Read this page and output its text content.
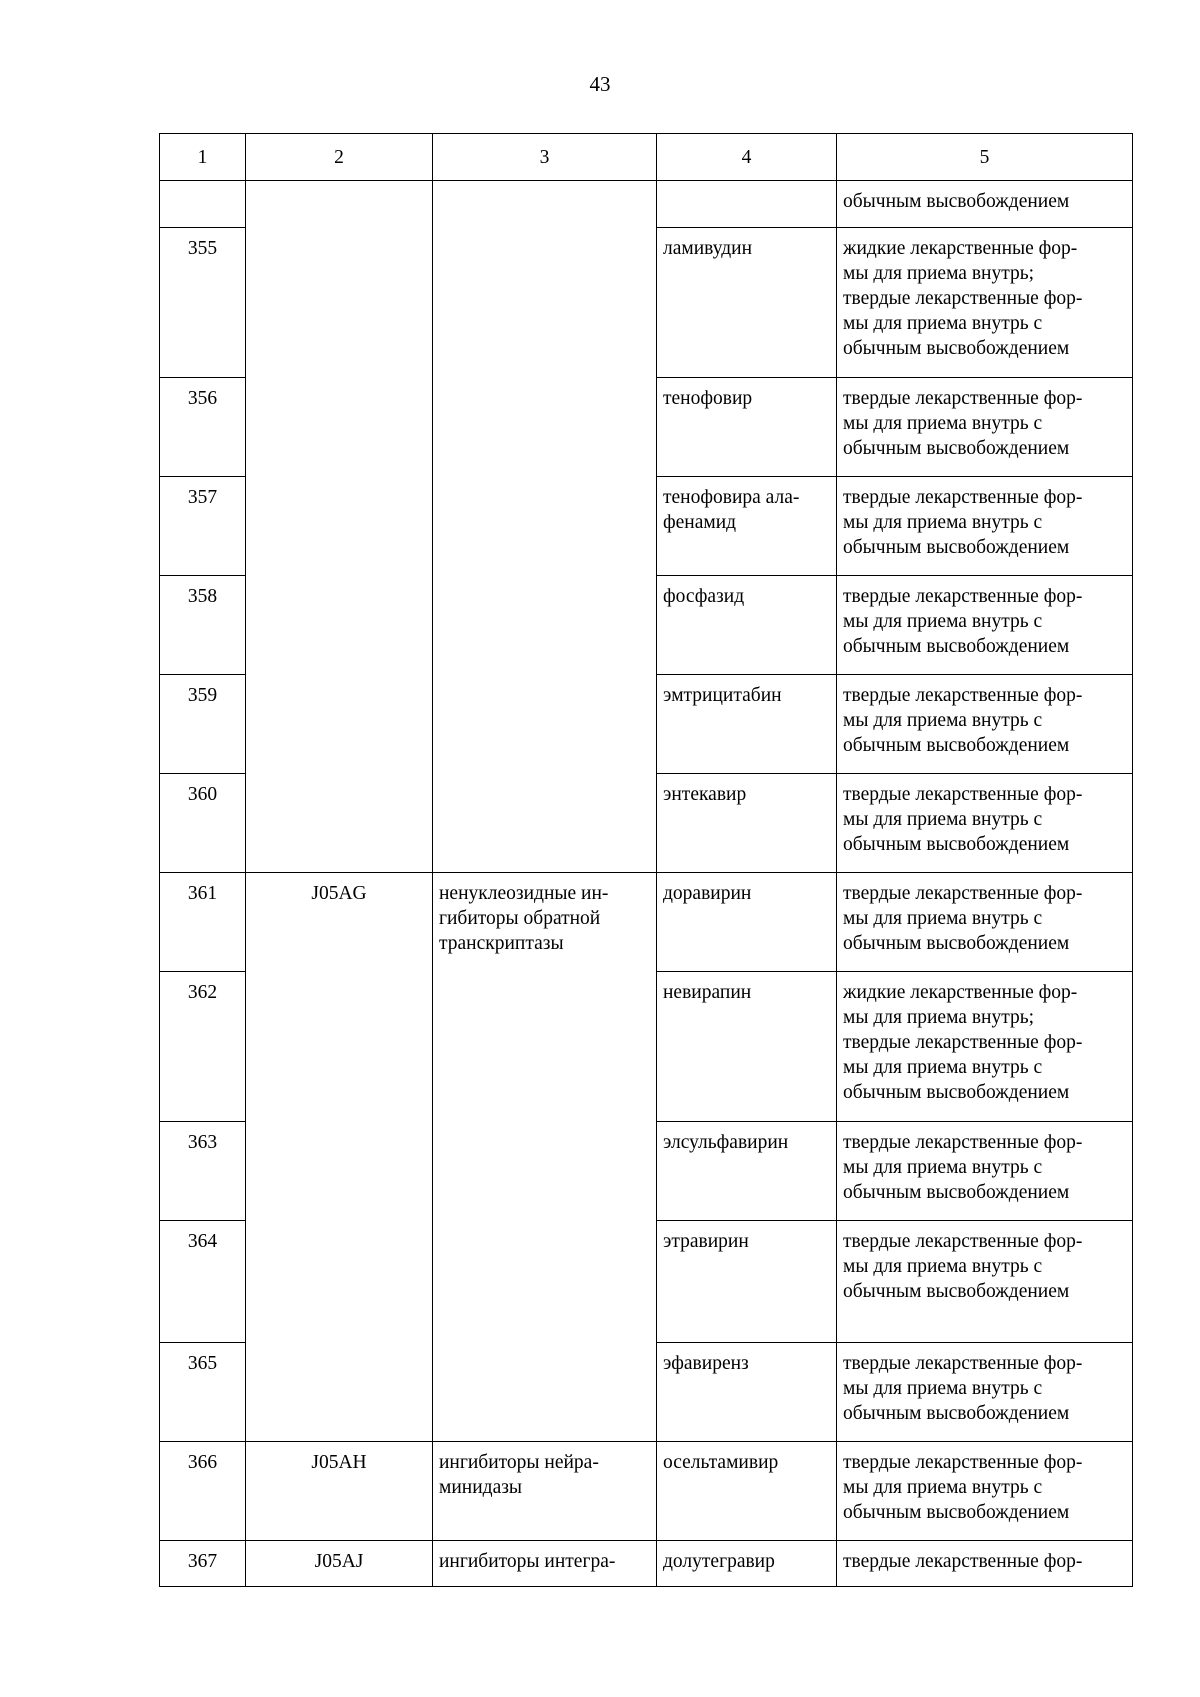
43
1	2	3	4	5
				обычным высвобождением
355			ламивудин	жидкие лекарственные фор-
мы для приема внутрь;
твердые лекарственные фор-
мы для приема внутрь с
обычным высвобождением
356			тенофовир	твердые лекарственные фор-
мы для приема внутрь с
обычным высвобождением
357			тенофовира ала-
фенамид	твердые лекарственные фор-
мы для приема внутрь с
обычным высвобождением
358			фосфазид	твердые лекарственные фор-
мы для приема внутрь с
обычным высвобождением
359			эмтрицитабин	твердые лекарственные фор-
мы для приема внутрь с
обычным высвобождением
360			энтекавир	твердые лекарственные фор-
мы для приема внутрь с
обычным высвобождением
361	J05AG	ненуклеозидные ин-
гибиторы обратной
транскриптазы	доравирин	твердые лекарственные фор-
мы для приема внутрь с
обычным высвобождением
362			невирапин	жидкие лекарственные фор-
мы для приема внутрь;
твердые лекарственные фор-
мы для приема внутрь с
обычным высвобождением
363			элсульфавирин	твердые лекарственные фор-
мы для приема внутрь с
обычным высвобождением
364			этравирин	твердые лекарственные фор-
мы для приема внутрь с
обычным высвобождением
365			эфавиренз	твердые лекарственные фор-
мы для приема внутрь с
обычным высвобождением
366	J05AH	ингибиторы нейра-
минидазы	осельтамивир	твердые лекарственные фор-
мы для приема внутрь с
обычным высвобождением
367	J05AJ	ингибиторы интегра-	долутегравир	твердые лекарственные фор-
